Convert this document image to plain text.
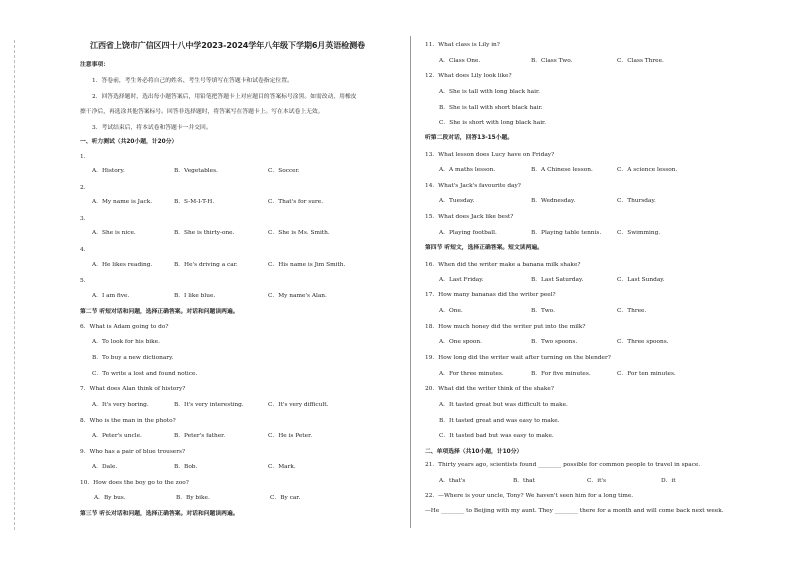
江西省上饶市广信区四十八中学2023-2024学年八年级下学期6月英语检测卷
注意事项：
1．答卷前，考生务必将自己的姓名、考生号等填写在答题卡和试卷指定位置。
2．回答选择题时，选出每小题答案后，用铅笔把答题卡上对应题目的答案标号涂黑。如需改动，用橡皮
擦干净后，再选涂其他答案标号。回答非选择题时，将答案写在答题卡上。写在本试卷上无效。
3．考试结束后，将本试卷和答题卡一并交回。
一、听力测试（共20小题，计20分）
1．
A．History.	B．Vegetables.	C．Soccer.
2．
A．My name is Jack.	B．S-M-I-T-H.	C．That's for sure.
3．
A．She is nice.	B．She is thirty-one.	C．She is Ms. Smith.
4．
A．He likes reading.	B．He's driving a car.	C．His name is Jim Smith.
5．
A．I am five.	B．I like blue.	C．My name's Alan.
第二节 听短对话和问题，选择正确答案。对话和问题读两遍。
6．What is Adam going to do?
A．To look for his bike.
B．To buy a new dictionary.
C．To write a lost and found notice.
7．What does Alan think of history?
A．It's very boring.	B．It's very interesting.	C．It's very difficult.
8．Who is the man in the photo?
A．Peter's uncle.	B．Peter's father.	C．He is Peter.
9．Who has a pair of blue trousers?
A．Dale.	B．Bob.	C．Mark.
10．How does the boy go to the zoo?
A．By bus.	B．By bike.	C．By car.
第三节 听长对话和问题，选择正确答案。对话和问题读两遍。
11．What class is Lily in?
A．Class One.	B．Class Two.	C．Class Three.
12．What does Lily look like?
A．She is tall with long black hair.
B．She is tall with short black hair.
C．She is short with long black hair.
听第二段对话，回答13-15小题。
13．What lesson does Lucy have on Friday?
A．A maths lesson.	B．A Chinese lesson.	C．A science lesson.
14．What's Jack's favourite day?
A．Tuesday.	B．Wednesday.	C．Thursday.
15．What does Jack like best?
A．Playing football.	B．Playing table tennis.	C．Swimming.
第四节 听短文，选择正确答案。短文读两遍。
16．When did the writer make a banana milk shake?
A．Last Friday.	B．Last Saturday.	C．Last Sunday.
17．How many bananas did the writer peel?
A．One.	B．Two.	C．Three.
18．How much honey did the writer put into the milk?
A．One spoon.	B．Two spoons.	C．Three spoons.
19．How long did the writer wait after turning on the blender?
A．For three minutes.	B．For five minutes.	C．For ten minutes.
20．What did the writer think of the shake?
A．It tasted great but was difficult to make.
B．It tasted great and was easy to make.
C．It tasted bad but was easy to make.
二、单项选择（共10小题，计10分）
21．Thirty years ago, scientists found ________ possible for common people to travel in space.
A．that's	B．that	C．it's	D．it
22．—Where is your uncle, Tony? We haven't seen him for a long time.
—He ________ to Beijing with my aunt. They ________ there for a month and will come back next week.
